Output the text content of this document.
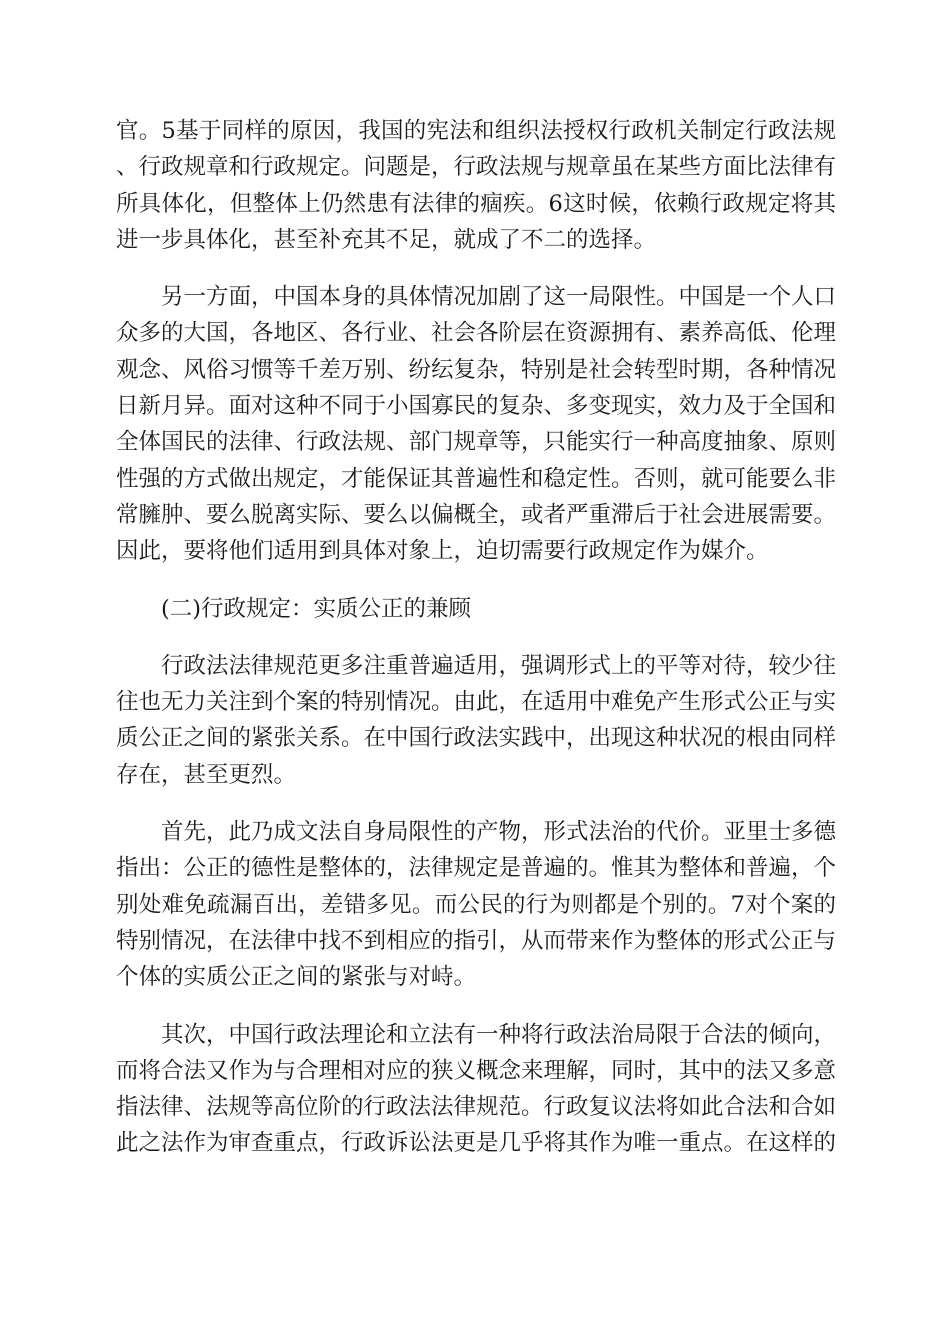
官。5基于同样的原因，我国的宪法和组织法授权行政机关制定行政法规、行政规章和行政规定。问题是，行政法规与规章虽在某些方面比法律有所具体化，但整体上仍然患有法律的痼疾。6这时候，依赖行政规定将其进一步具体化，甚至补充其不足，就成了不二的选择。

另一方面，中国本身的具体情况加剧了这一局限性。中国是一个人口众多的大国，各地区、各行业、社会各阶层在资源拥有、素养高低、伦理观念、风俗习惯等千差万别、纷纭复杂，特别是社会转型时期，各种情况日新月异。面对这种不同于小国寡民的复杂、多变现实，效力及于全国和全体国民的法律、行政法规、部门规章等，只能实行一种高度抽象、原则性强的方式做出规定，才能保证其普遍性和稳定性。否则，就可能要么非常臃肿、要么脱离实际、要么以偏概全，或者严重滞后于社会进展需要。因此，要将他们适用到具体对象上，迫切需要行政规定作为媒介。

(二)行政规定：实质公正的兼顾

行政法法律规范更多注重普遍适用，强调形式上的平等对待，较少往往也无力关注到个案的特别情况。由此，在适用中难免产生形式公正与实质公正之间的紧张关系。在中国行政法实践中，出现这种状况的根由同样存在，甚至更烈。

首先，此乃成文法自身局限性的产物，形式法治的代价。亚里士多德指出：公正的德性是整体的，法律规定是普遍的。惟其为整体和普遍，个别处难免疏漏百出，差错多见。而公民的行为则都是个别的。7对个案的特别情况，在法律中找不到相应的指引，从而带来作为整体的形式公正与个体的实质公正之间的紧张与对峙。

其次，中国行政法理论和立法有一种将行政法治局限于合法的倾向，而将合法又作为与合理相对应的狭义概念来理解，同时，其中的法又多意指法律、法规等高位阶的行政法法律规范。行政复议法将如此合法和合如此之法作为审查重点，行政诉讼法更是几乎将其作为唯一重点。在这样的
